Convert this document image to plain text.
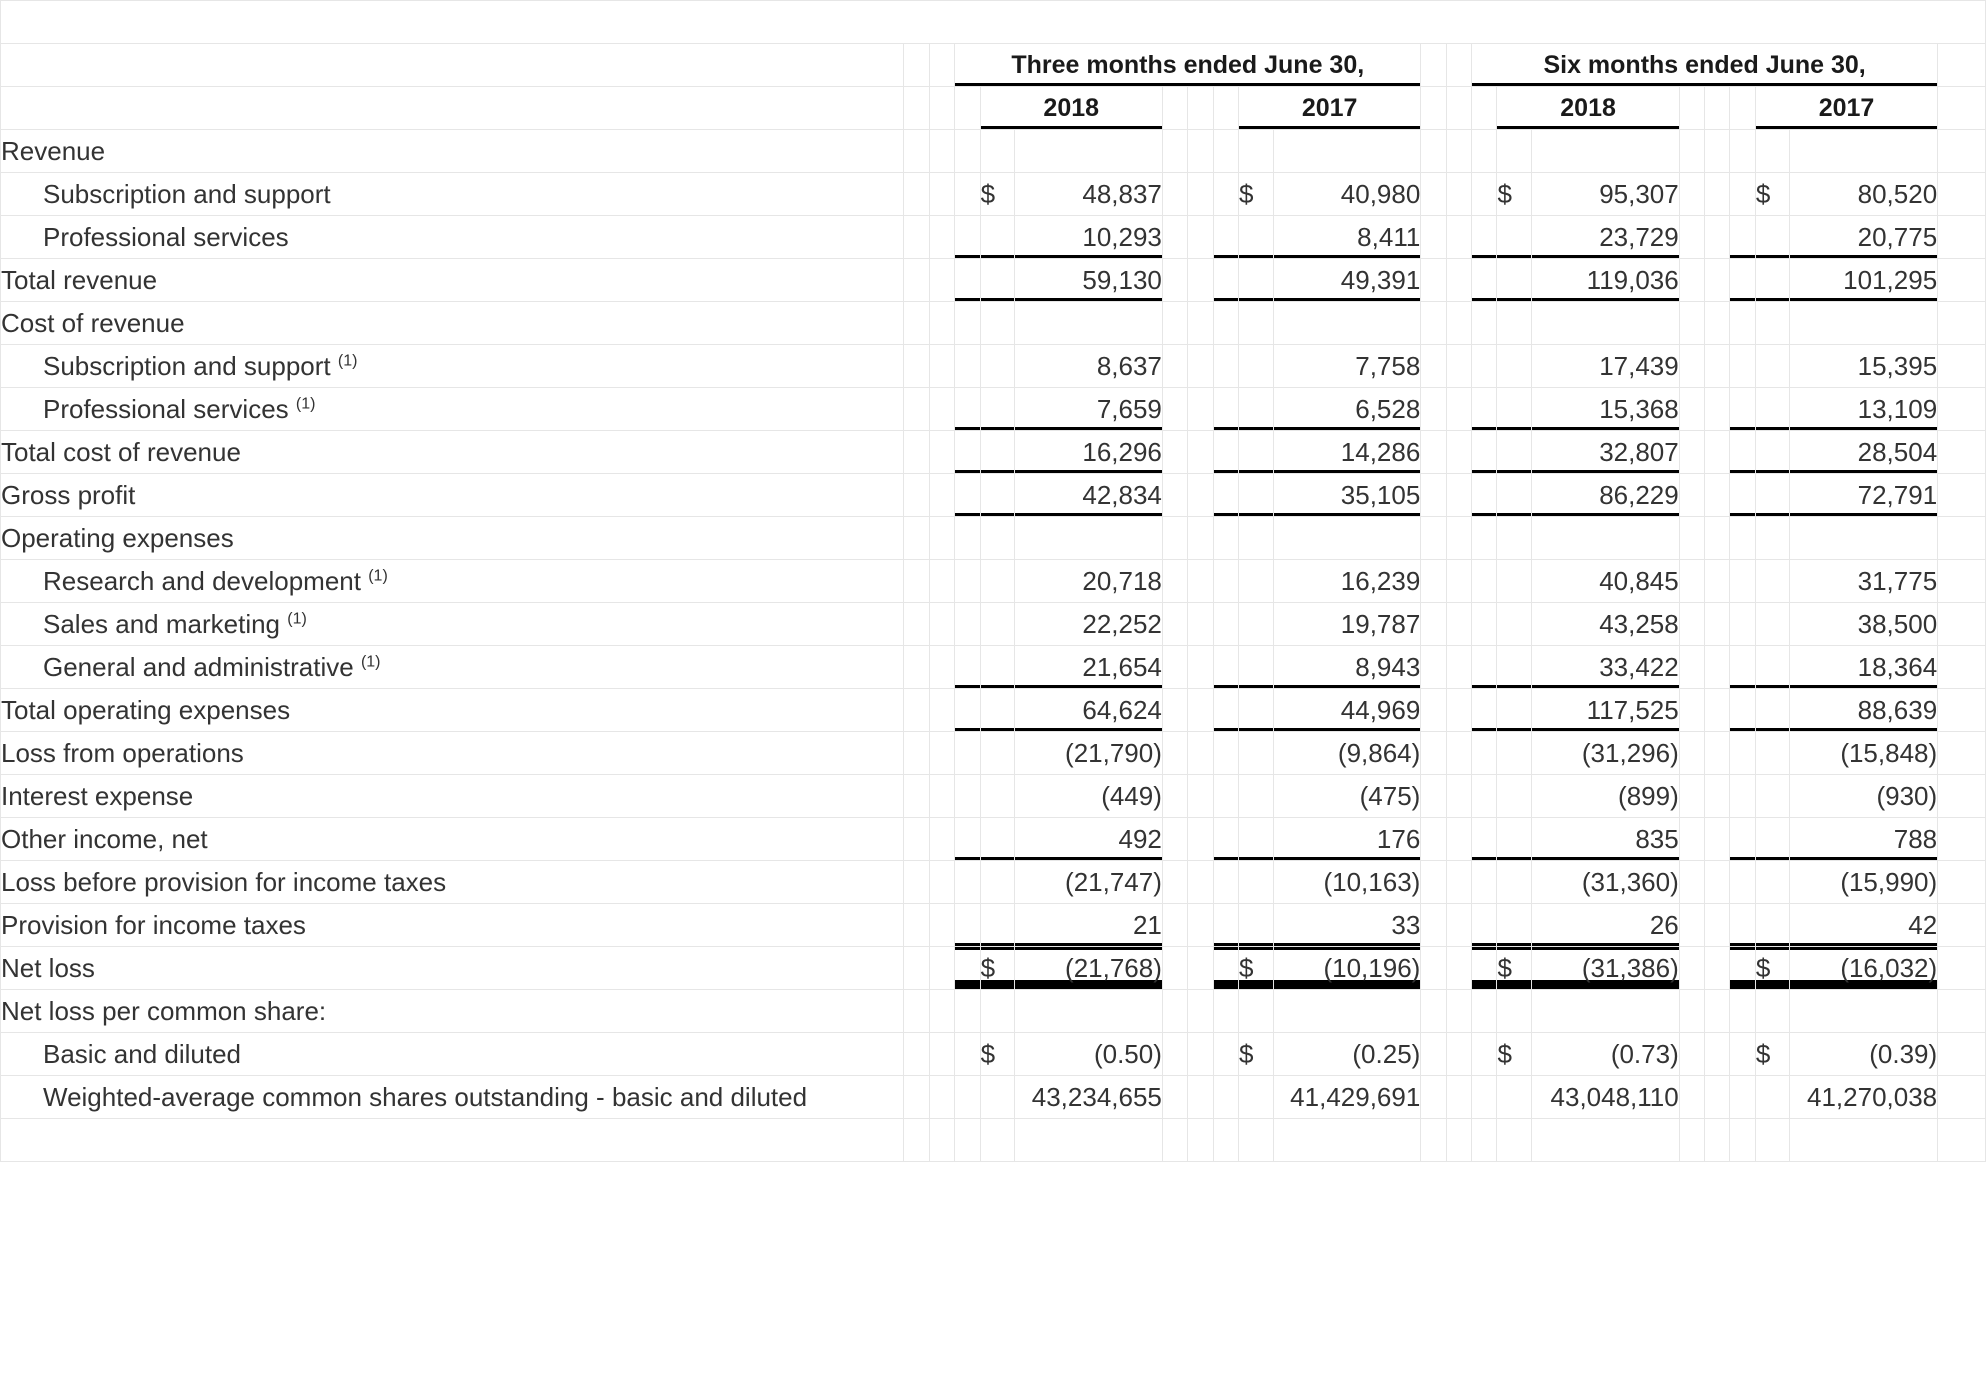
			Three months ended June 30,										Six months ended June 30,								
				2018					2017					2018					2017		
Revenue																					
Subscription and support				$	48,837				$	40,980				$	95,307				$	80,520	
Professional services					10,293					8,411					23,729					20,775	
Total revenue					59,130					49,391					119,036					101,295	
Cost of revenue																					
Subscription and support $^{(1)}$					8,637					7,758					17,439					15,395	
Professional services $^{(1)}$					7,659					6,528					15,368					13,109	
Total cost of revenue					16,296					14,286					32,807					28,504	
Gross profit					42,834					35,105					86,229					72,791	
Operating expenses																					
Research and development $^{(1)}$					20,718					16,239					40,845					31,775	
Sales and marketing $^{(1)}$					22,252					19,787					43,258					38,500	
General and administrative $^{(1)}$					21,654					8,943					33,422					18,364	
Total operating expenses					64,624					44,969					117,525					88,639	
Loss from operations					(21,790)					(9,864)					(31,296)					(15,848)	
Interest expense					(449)					(475)					(899)					(930)	
Other income, net					492					176					835					788	
Loss before provision for income taxes					(21,747)					(10,163)					(31,360)					(15,990)	
Provision for income taxes					21					33					26					42	
Net loss				$	(21,768)				$	(10,196)				$	(31,386)				$	(16,032)	
Net loss per common share:																					
Basic and diluted				$	(0.50)				$	(0.25)				$	(0.73)				$	(0.39)	
Weighted-average common shares outstanding - basic and diluted					43,234,655					41,429,691					43,048,110					41,270,038	
